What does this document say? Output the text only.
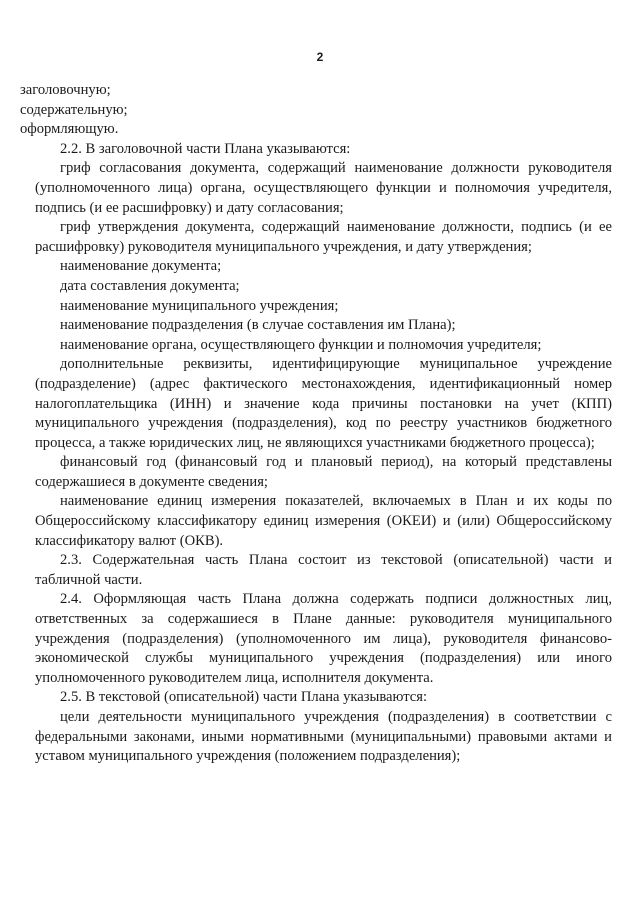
2

заголовочную;

содержательную;

оформляющую.

2.2. В заголовочной части Плана указываются:

гриф согласования документа, содержащий наименование должности руководителя (уполномоченного лица) органа, осуществляющего функции и полномочия учредителя, подпись (и ее расшифровку) и дату согласования;

гриф утверждения документа, содержащий наименование должности, подпись (и ее расшифровку) руководителя муниципального учреждения, и дату утверждения;

наименование документа;

дата составления документа;

наименование муниципального учреждения;

наименование подразделения (в случае составления им Плана);

наименование органа, осуществляющего функции и полномочия учредителя;

дополнительные реквизиты, идентифицирующие муниципальное учреждение (подразделение) (адрес фактического местонахождения, идентификационный номер налогоплательщика (ИНН) и значение кода причины постановки на учет (КПП) муниципального учреждения (подразделения), код по реестру участников бюджетного процесса, а также юридических лиц, не являющихся участниками бюджетного процесса);

финансовый год (финансовый год и плановый период), на который представлены содержашиеся в документе сведения;

наименование единиц измерения показателей, включаемых в План и их коды по Общероссийскому классификатору единиц измерения (ОКЕИ) и (или) Общероссийскому классификатору валют (ОКВ).

2.3. Содержательная часть Плана состоит из текстовой (описательной) части и табличной части.

2.4. Оформляющая часть Плана должна содержать подписи должностных лиц, ответственных за содержашиеся в Плане данные: руководителя муниципального учреждения (подразделения) (уполномоченного им лица), руководителя финансово-экономической службы муниципального учреждения (подразделения) или иного уполномоченного руководителем лица, исполнителя документа.

2.5. В текстовой (описательной) части Плана указываются:

цели деятельности муниципального учреждения (подразделения) в соответствии с федеральными законами, иными нормативными (муниципальными) правовыми актами и уставом муниципального учреждения (положением подразделения);
